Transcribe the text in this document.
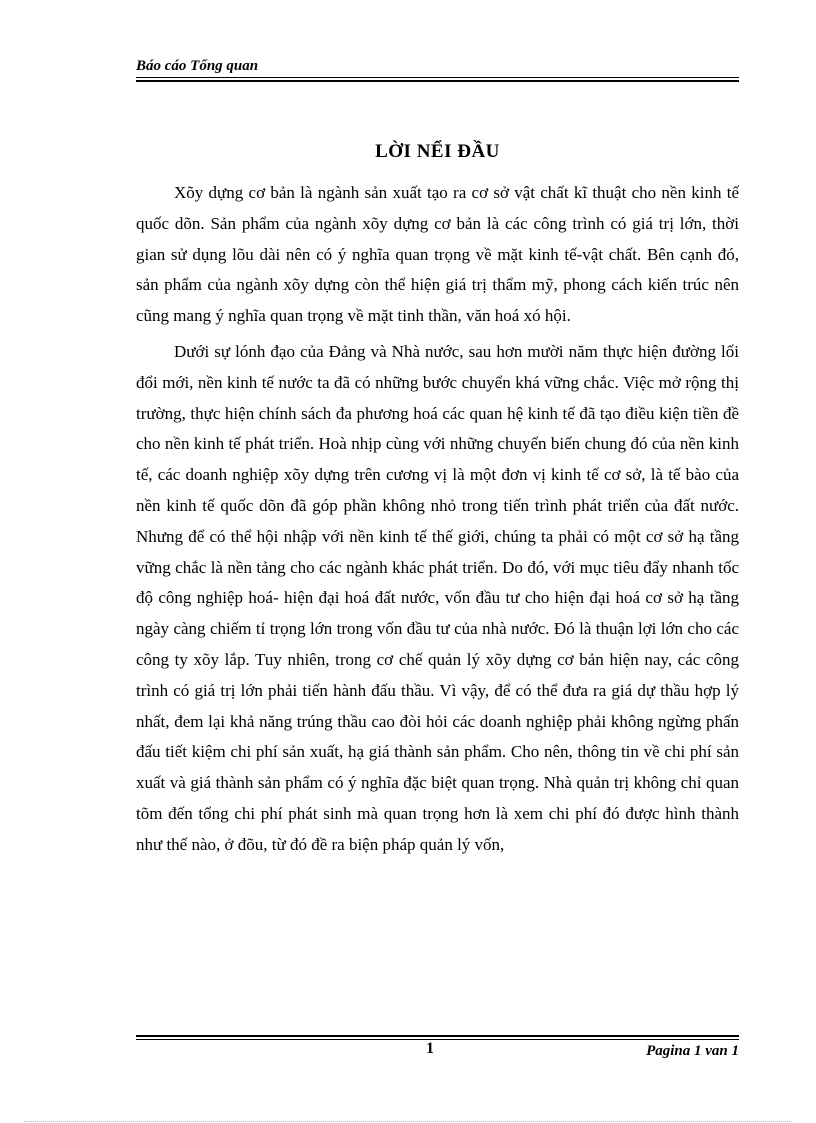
Báo cáo Tổng quan
LỜI NỂI ĐẦU

Xõy dựng cơ bản là ngành sản xuất tạo ra cơ sở vật chất kĩ thuật cho nền kinh tế quốc dõn. Sản phẩm của ngành xõy dựng cơ bản là các công trình có giá trị lớn, thời gian sử dụng lõu dài nên có ý nghĩa quan trọng về mặt kinh tế-vật chất. Bên cạnh đó, sản phẩm của ngành xõy dựng còn thể hiện giá trị thẩm mỹ, phong cách kiến trúc nên cũng mang ý nghĩa quan trọng về mặt tinh thần, văn hoá xó hội.

Dưới sự lónh đạo của Đảng và Nhà nước, sau hơn mười năm thực hiện đường lối đổi mới, nền kinh tế nước ta đã có những bước chuyển khá vững chắc. Việc mở rộng thị trường, thực hiện chính sách đa phương hoá các quan hệ kinh tế đã tạo điều kiện tiền đề cho nền kinh tế phát triển. Hoà nhịp cùng với những chuyển biến chung đó của nền kinh tế, các doanh nghiệp xõy dựng trên cương vị là một đơn vị kinh tế cơ sở, là tế bào của nền kinh tế quốc dõn đã góp phần không nhỏ trong tiến trình phát triển của đất nước. Nhưng để có thể hội nhập với nền kinh tế thế giới, chúng ta phải có một cơ sở hạ tầng vững chắc là nền tảng cho các ngành khác phát triển. Do đó, với mục tiêu đẩy nhanh tốc độ công nghiệp hoá- hiện đại hoá đất nước, vốn đầu tư cho hiện đại hoá cơ sở hạ tầng ngày càng chiếm tỉ trọng lớn trong vốn đầu tư của nhà nước. Đó là thuận lợi lớn cho các công ty xõy lắp. Tuy nhiên, trong cơ chế quản lý xõy dựng cơ bản hiện nay, các công trình có giá trị lớn phải tiến hành đấu thầu. Vì vậy, để có thể đưa ra giá dự thầu hợp lý nhất, đem lại khả năng trúng thầu cao đòi hỏi các doanh nghiệp phải không ngừng phấn đấu tiết kiệm chi phí sản xuất, hạ giá thành sản phẩm. Cho nên, thông tin về chi phí sản xuất và giá thành sản phẩm có ý nghĩa đặc biệt quan trọng. Nhà quản trị không chỉ quan tõm đến tổng chi phí phát sinh mà quan trọng hơn là xem chi phí đó được hình thành như thế nào, ở đõu, từ đó đề ra biện pháp quản lý vốn,

1	Pagina 1 van 1
